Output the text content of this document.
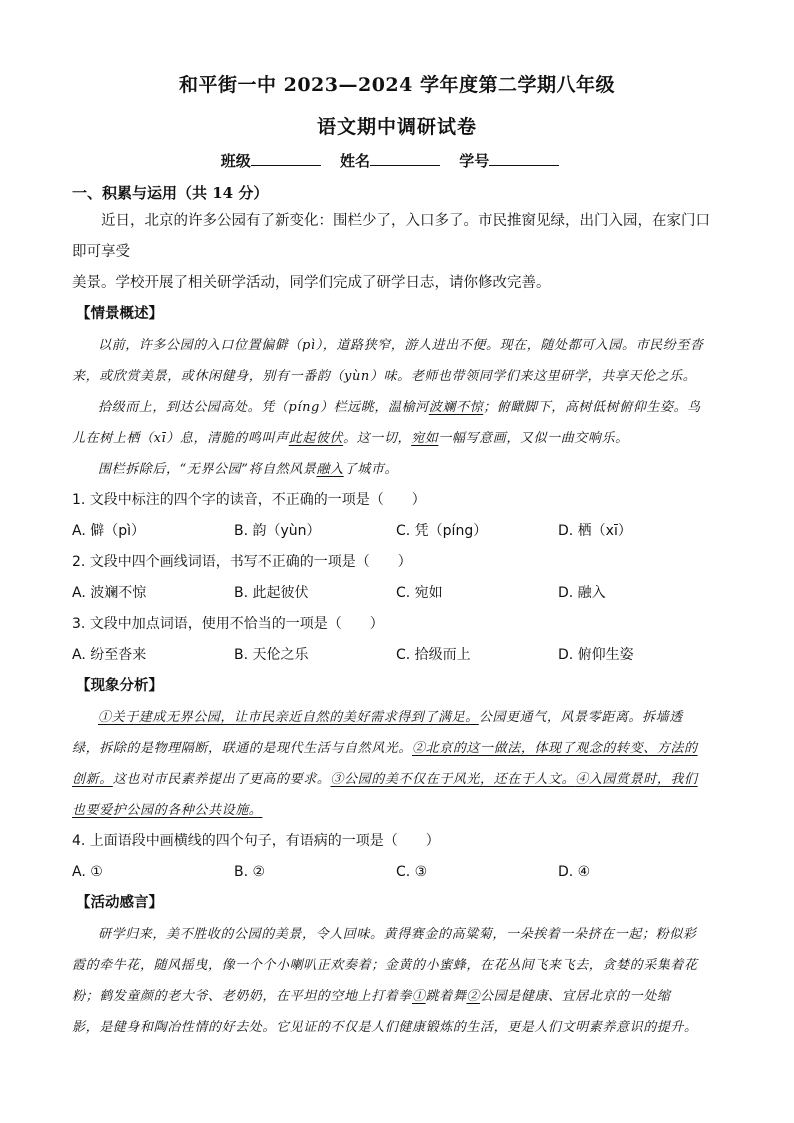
和平街一中 2023—2024 学年度第二学期八年级
语文期中调研试卷
班级	姓名	学号
一、积累与运用（共 14 分）
近日，北京的许多公园有了新变化：围栏少了，入口多了。市民推窗见绿，出门入园，在家门口即可享受
美景。学校开展了相关研学活动，同学们完成了研学日志，请你修改完善。
【情景概述】
以前，许多公园的入口位置偏僻（pì），道路狭窄，游人进出不便。现在，随处都可入园。市民纷至沓
来，或欣赏美景，或休闲健身，别有一番韵（yùn）味。老师也带领同学们来这里研学，共享天伦之乐。
拾级而上，到达公园高处。凭（píng）栏远眺，温榆河波斓不惊；俯瞰脚下，高树低树俯仰生姿。鸟
儿在树上栖（xī）息，清脆的鸣叫声此起彼伏。这一切，宛如一幅写意画，又似一曲交响乐。
围栏拆除后，“无界公园”将自然风景融入了城市。
1. 文段中标注的四个字的读音，不正确的一项是（　　）
A. 僻（pì）	B. 韵（yùn）	C. 凭（píng）	D. 栖（xī）
2. 文段中四个画线词语，书写不正确的一项是（　　）
A. 波斓不惊	B. 此起彼伏	C. 宛如	D. 融入
3. 文段中加点词语，使用不恰当的一项是（　　）
A. 纷至沓来	B. 天伦之乐	C. 拾级而上	D. 俯仰生姿
【现象分析】
①关于建成无界公园，让市民亲近自然的美好需求得到了满足。公园更通气，风景零距离。拆墙透
绿，拆除的是物理隔断，联通的是现代生活与自然风光。②北京的这一做法，体现了观念的转变、方法的
创新。这也对市民素养提出了更高的要求。③公园的美不仅在于风光，还在于人文。④入园赏景时，我们
也要爱护公园的各种公共设施。
4. 上面语段中画横线的四个句子，有语病的一项是（　　）
A. ①	B. ②	C. ③	D. ④
【活动感言】
研学归来，美不胜收的公园的美景，令人回味。黄得赛金的高粱菊，一朵挨着一朵挤在一起；粉似彩
霞的牵牛花，随风摇曳，像一个个小喇叭正欢奏着；金黄的小蜜蜂，在花丛间飞来飞去，贪婪的采集着花
粉；鹤发童颜的老大爷、老奶奶，在平坦的空地上打着拳①跳着舞②公园是健康、宜居北京的一处缩
影，是健身和陶冶性情的好去处。它见证的不仅是人们健康锻炼的生活，更是人们文明素养意识的提升。
